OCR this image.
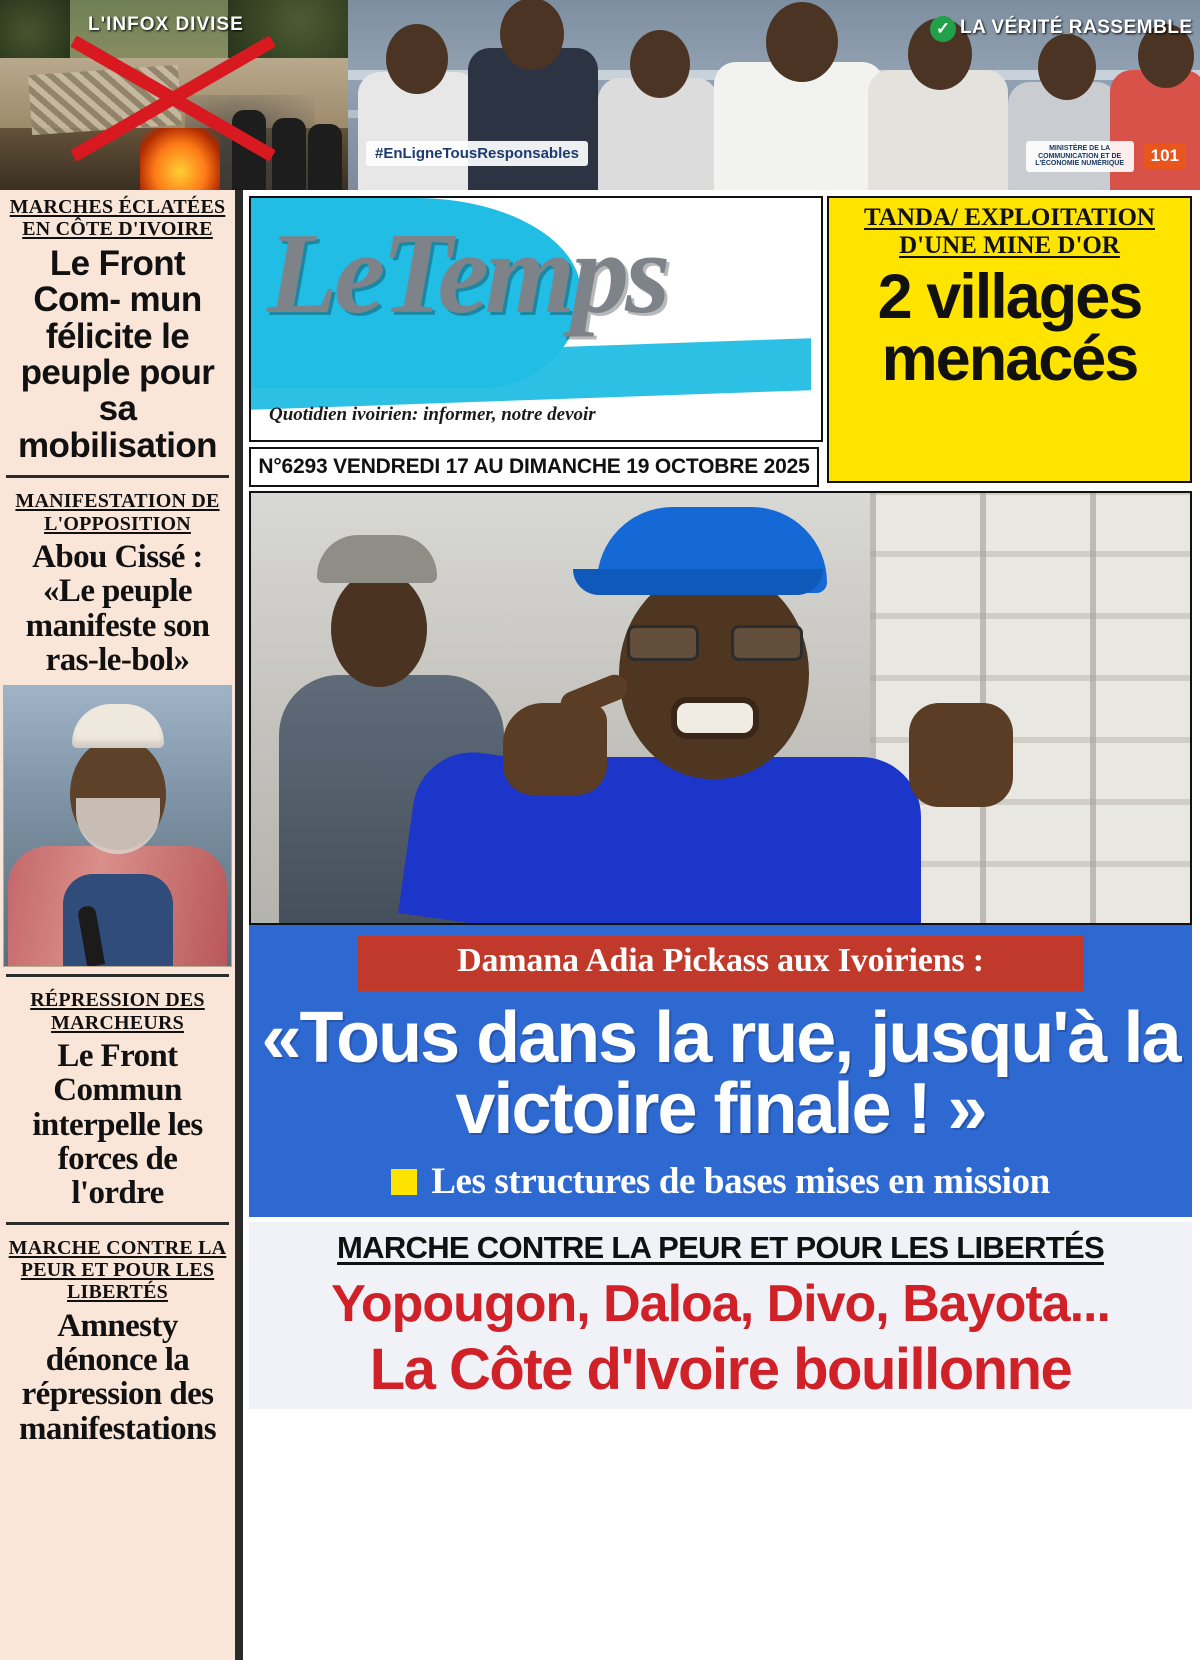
L'INFOX DIVISE	✓ LA VÉRITÉ RASSEMBLE
#EnLigneTousResponsables	MINISTÈRE DE LA COMMUNICATION ET DE L'ÉCONOMIE NUMÉRIQUE	101
MARCHES ÉCLATÉES EN CÔTE D'IVOIRE
Le Front Com- mun félicite le peuple pour sa mobilisation
MANIFESTATION DE L'OPPOSITION
Abou Cissé : «Le peuple manifeste son ras-le-bol»
RÉPRESSION DES MARCHEURS
Le Front Commun interpelle les forces de l'ordre
MARCHE CONTRE LA PEUR ET POUR LES LIBERTÉS
Amnesty dénonce la répression des manifestations
LeTemps
Quotidien ivoirien: informer, notre devoir
N°6293 VENDREDI 17 AU DIMANCHE 19 OCTOBRE 2025
TANDA/ EXPLOITATION D'UNE MINE D'OR
2 villages menacés
Damana Adia Pickass aux Ivoiriens :
«Tous dans la rue, jusqu'à la victoire finale ! »
Les structures de bases mises en mission
MARCHE CONTRE LA PEUR ET POUR LES LIBERTÉS
Yopougon, Daloa, Divo, Bayota...
La Côte d'Ivoire bouillonne
